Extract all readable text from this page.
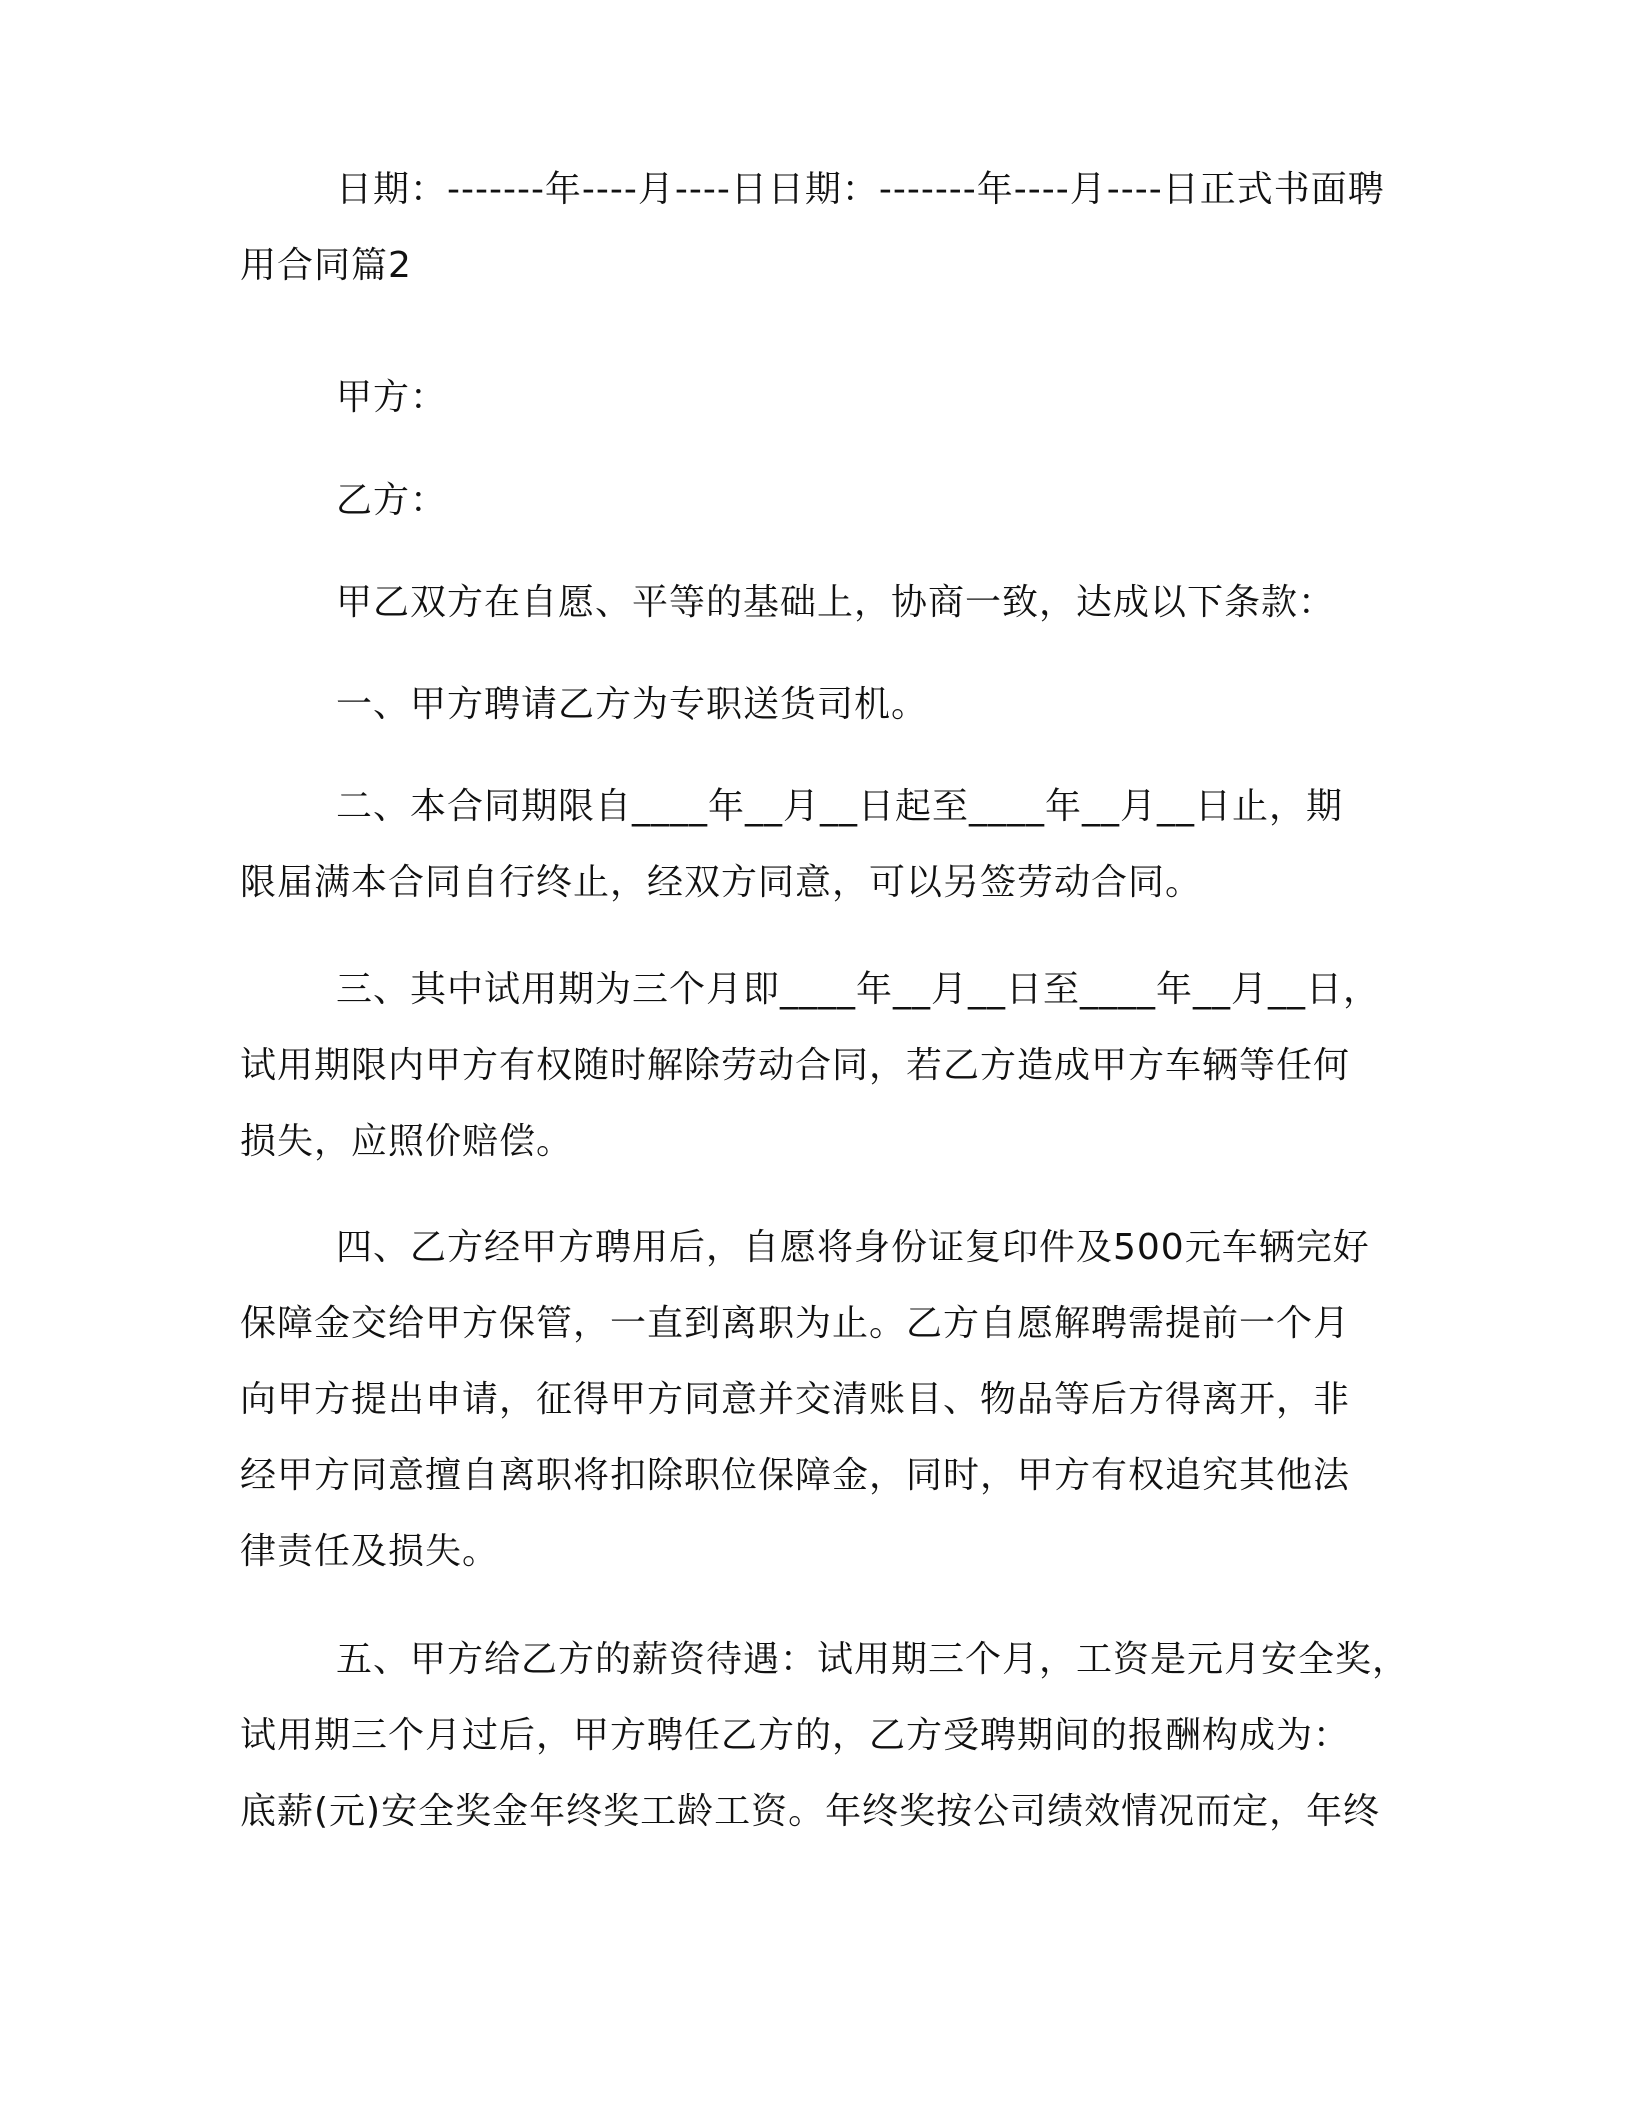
日期：-------年----月----日日期：-------年----月----日正式书面聘
用合同篇2
甲方：
乙方：
甲乙双方在自愿、平等的基础上，协商一致，达成以下条款：
一、甲方聘请乙方为专职送货司机。
二、本合同期限自____年__月__日起至____年__月__日止，期
限届满本合同自行终止，经双方同意，可以另签劳动合同。
三、其中试用期为三个月即____年__月__日至____年__月__日，
试用期限内甲方有权随时解除劳动合同，若乙方造成甲方车辆等任何
损失，应照价赔偿。
四、乙方经甲方聘用后，自愿将身份证复印件及500元车辆完好
保障金交给甲方保管，一直到离职为止。乙方自愿解聘需提前一个月
向甲方提出申请，征得甲方同意并交清账目、物品等后方得离开，非
经甲方同意擅自离职将扣除职位保障金，同时，甲方有权追究其他法
律责任及损失。
五、甲方给乙方的薪资待遇：试用期三个月，工资是元月安全奖，
试用期三个月过后，甲方聘任乙方的，乙方受聘期间的报酬构成为：
底薪(元)安全奖金年终奖工龄工资。年终奖按公司绩效情况而定，年终
